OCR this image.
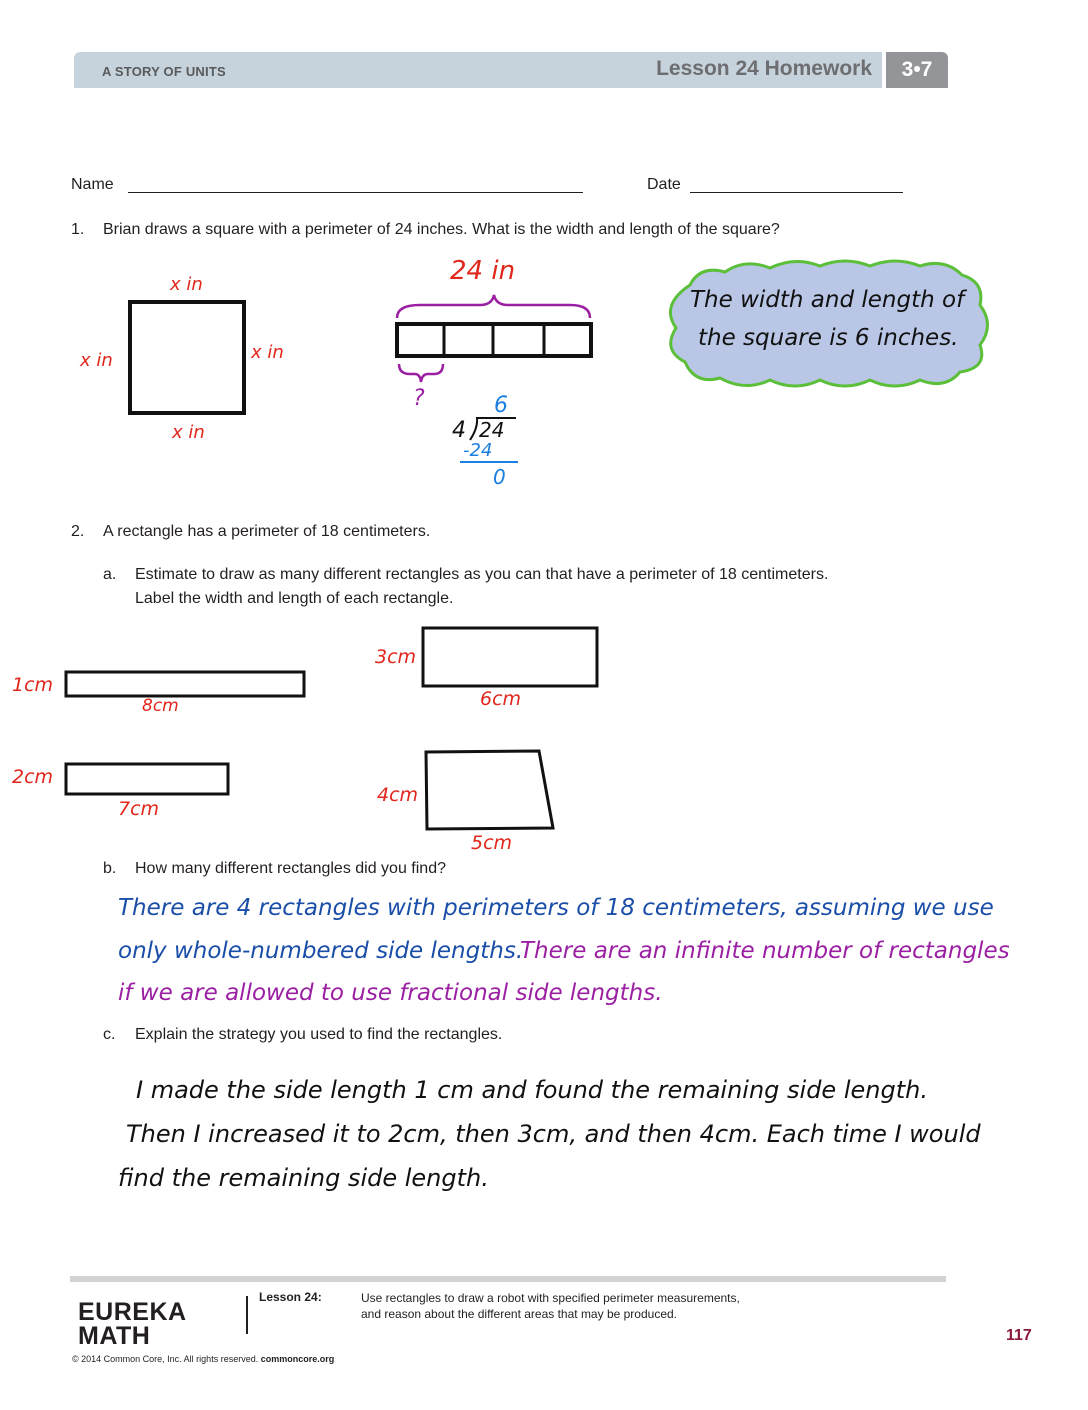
A STORY OF UNITS	Lesson 24 Homework	3•7
Name	Date
1. Brian draws a square with a perimeter of 24 inches. What is the width and length of the square?
x in
x in	x in
x in
24 in
?	6
4 24
-24
0
The width and length of
the square is 6 inches.
2. A rectangle has a perimeter of 18 centimeters.
a. Estimate to draw as many different rectangles as you can that have a perimeter of 18 centimeters.
Label the width and length of each rectangle.
1cm
8cm
2cm
7cm
3cm
6cm
4cm
5cm
b. How many different rectangles did you find?
There are 4 rectangles with perimeters of 18 centimeters, assuming we use
only whole-numbered side lengths.
There are an infinite number of rectangles
if we are allowed to use fractional side lengths.
c. Explain the strategy you used to find the rectangles.
I made the side length 1 cm and found the remaining side length.
Then I increased it to 2cm, then 3cm, and then 4cm. Each time I would
find the remaining side length.
EUREKA
MATH
Lesson 24:	Use rectangles to draw a robot with specified perimeter measurements, and reason about the different areas that may be produced.
© 2014 Common Core, Inc. All rights reserved. commoncore.org
117
